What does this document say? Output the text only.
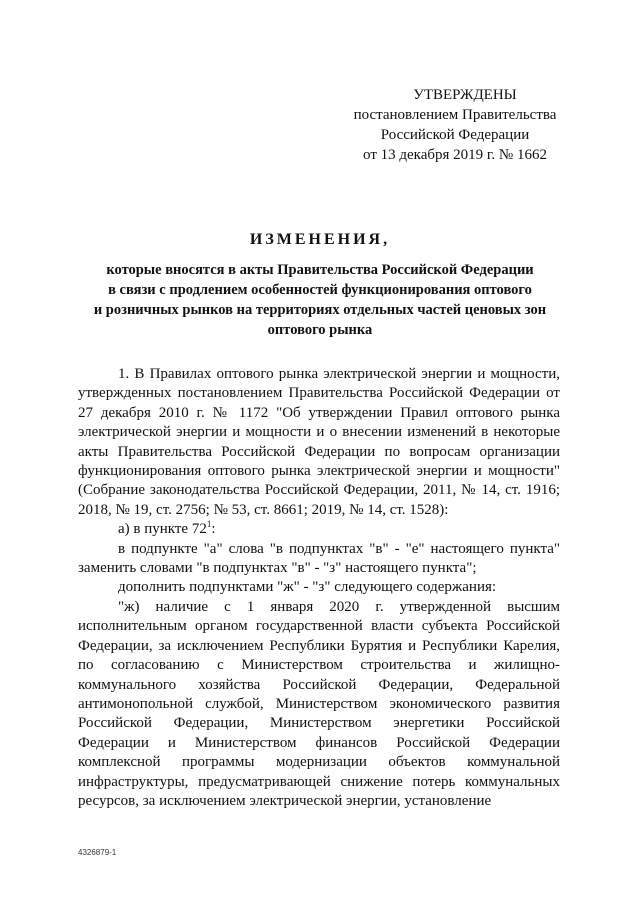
УТВЕРЖДЕНЫ
постановлением Правительства
Российской Федерации
от 13 декабря 2019 г. № 1662
ИЗМЕНЕНИЯ,
которые вносятся в акты Правительства Российской Федерации
в связи с продлением особенностей функционирования оптового
и розничных рынков на территориях отдельных частей ценовых зон
оптового рынка

1. В Правилах оптового рынка электрической энергии и мощности, утвержденных постановлением Правительства Российской Федерации от 27 декабря 2010 г. № 1172 "Об утверждении Правил оптового рынка электрической энергии и мощности и о внесении изменений в некоторые акты Правительства Российской Федерации по вопросам организации функционирования оптового рынка электрической энергии и мощности" (Собрание законодательства Российской Федерации, 2011, № 14, ст. 1916; 2018, № 19, ст. 2756; № 53, ст. 8661; 2019, № 14, ст. 1528):

а) в пункте $72^1$:

в подпункте "а" слова "в подпунктах "в" - "е" настоящего пункта" заменить словами "в подпунктах "в" - "з" настоящего пункта";

дополнить подпунктами "ж" - "з" следующего содержания:

"ж) наличие с 1 января 2020 г. утвержденной высшим исполнительным органом государственной власти субъекта Российской Федерации, за исключением Республики Бурятия и Республики Карелия, по согласованию с Министерством строительства и жилищно-коммунального хозяйства Российской Федерации, Федеральной антимонопольной службой, Министерством экономического развития Российской Федерации, Министерством энергетики Российской Федерации и Министерством финансов Российской Федерации комплексной программы модернизации объектов коммунальной инфраструктуры, предусматривающей снижение потерь коммунальных ресурсов, за исключением электрической энергии, установление

4326879-1
